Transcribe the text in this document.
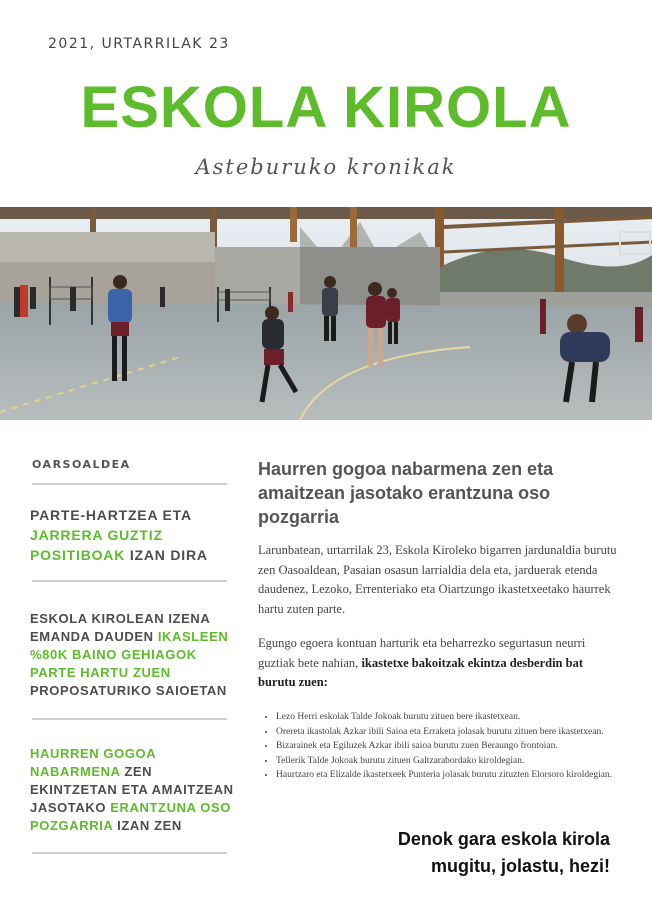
2021, URTARRILAK 23
ESKOLA KIROLA
Asteburuko kronikak
OARSOALDEA
PARTE-HARTZEA ETA JARRERA GUZTIZ POSITIBOAK IZAN DIRA
ESKOLA KIROLEAN IZENA EMANDA DAUDEN IKASLEEN %80K BAINO GEHIAGOK PARTE HARTU ZUEN PROPOSATURIKO SAIOETAN
HAURREN GOGOA NABARMENA ZEN EKINTZETAN ETA AMAITZEAN JASOTAKO ERANTZUNA OSO POZGARRIA IZAN ZEN
Haurren gogoa nabarmena zen eta amaitzean jasotako erantzuna oso pozgarria

Larunbatean, urtarrilak 23, Eskola Kiroleko bigarren jardunaldia burutu zen Oasoaldean, Pasaian osasun larrialdia dela eta, jarduerak etenda daudenez, Lezoko, Errenteriako eta Oiartzungo ikastetxeetako haurrek hartu zuten parte.

Egungo egoera kontuan harturik eta beharrezko segurtasun neurri guztiak bete nahian, ikastetxe bakoitzak ekintza desberdin bat burutu zuen:

• Lezo Herri eskolak Talde Jokoak burutu zituen bere ikastetxean.
• Orereta ikastolak Azkar ibili Saioa eta Erraketa jolasak burutu zituen bere ikastetxean.
• Bizarainek eta Egiluzek Azkar ibili saioa burutu zuen Beraungo frontoian.
• Tellerik Talde Jokoak burutu zituen Galtzarabordako kiroldegian.
• Haurtzaro eta Elizalde ikastetxeek Punteria jolasak burutu zituzten Elorsoro kiroldegian.
Denok gara eskola kirola
mugitu, jolastu, hezi!
